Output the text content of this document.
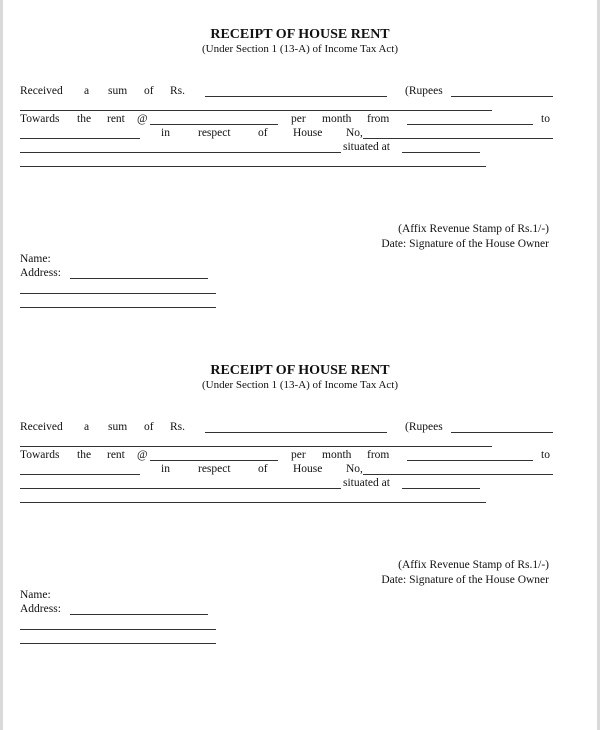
RECEIPT OF HOUSE RENT
(Under Section 1 (13-A) of Income Tax Act)
Received a sum of Rs.	(Rupees
Towards the rent @	per month from	to
in respect of House No,
situated at
(Affix Revenue Stamp of Rs.1/-)
Date: Signature of the House Owner
Name:
Address:
RECEIPT OF HOUSE RENT
(Under Section 1 (13-A) of Income Tax Act)
Received a sum of Rs.	(Rupees
Towards the rent @	per month from	to
in respect of House No,
situated at
(Affix Revenue Stamp of Rs.1/-)
Date: Signature of the House Owner
Name:
Address:
